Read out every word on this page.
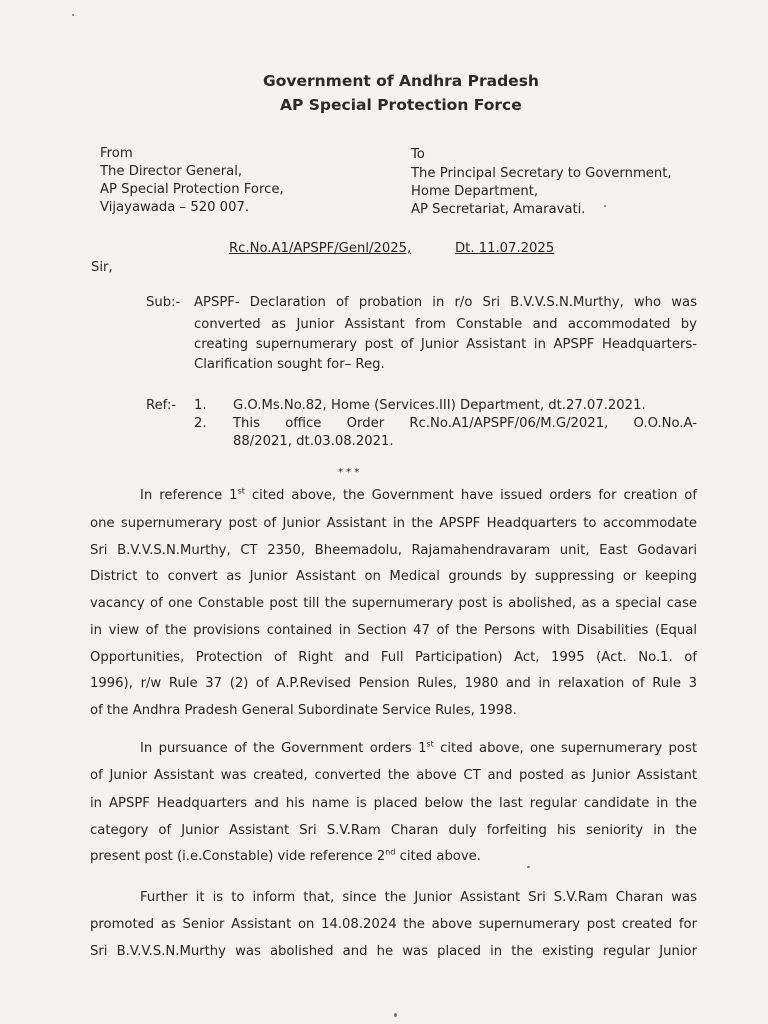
Government of Andhra Pradesh
AP Special Protection Force
From
The Director General,
AP Special Protection Force,
Vijayawada – 520 007.
To
The Principal Secretary to Government,
Home Department,
AP Secretariat, Amaravati.
Rc.No.A1/APSPF/Genl/2025,	Dt. 11.07.2025
Sir,
Sub:- APSPF- Declaration of probation in r/o Sri B.V.V.S.N.Murthy, who was
converted as Junior Assistant from Constable and accommodated by
creating supernumerary post of Junior Assistant in APSPF Headquarters-
Clarification sought for– Reg.
Ref:- 1. G.O.Ms.No.82, Home (Services.III) Department, dt.27.07.2021.
2. This office Order Rc.No.A1/APSPF/06/M.G/2021, O.O.No.A-
88/2021, dt.03.08.2021.
* * *
In reference 1st cited above, the Government have issued orders for creation of
one supernumerary post of Junior Assistant in the APSPF Headquarters to accommodate
Sri B.V.V.S.N.Murthy, CT 2350, Bheemadolu, Rajamahendravaram unit, East Godavari
District to convert as Junior Assistant on Medical grounds by suppressing or keeping
vacancy of one Constable post till the supernumerary post is abolished, as a special case
in view of the provisions contained in Section 47 of the Persons with Disabilities (Equal
Opportunities, Protection of Right and Full Participation) Act, 1995 (Act. No.1. of
1996), r/w Rule 37 (2) of A.P.Revised Pension Rules, 1980 and in relaxation of Rule 3
of the Andhra Pradesh General Subordinate Service Rules, 1998.
In pursuance of the Government orders 1st cited above, one supernumerary post
of Junior Assistant was created, converted the above CT and posted as Junior Assistant
in APSPF Headquarters and his name is placed below the last regular candidate in the
category of Junior Assistant Sri S.V.Ram Charan duly forfeiting his seniority in the
present post (i.e.Constable) vide reference 2nd cited above.
Further it is to inform that, since the Junior Assistant Sri S.V.Ram Charan was
promoted as Senior Assistant on 14.08.2024 the above supernumerary post created for
Sri B.V.V.S.N.Murthy was abolished and he was placed in the existing regular Junior
